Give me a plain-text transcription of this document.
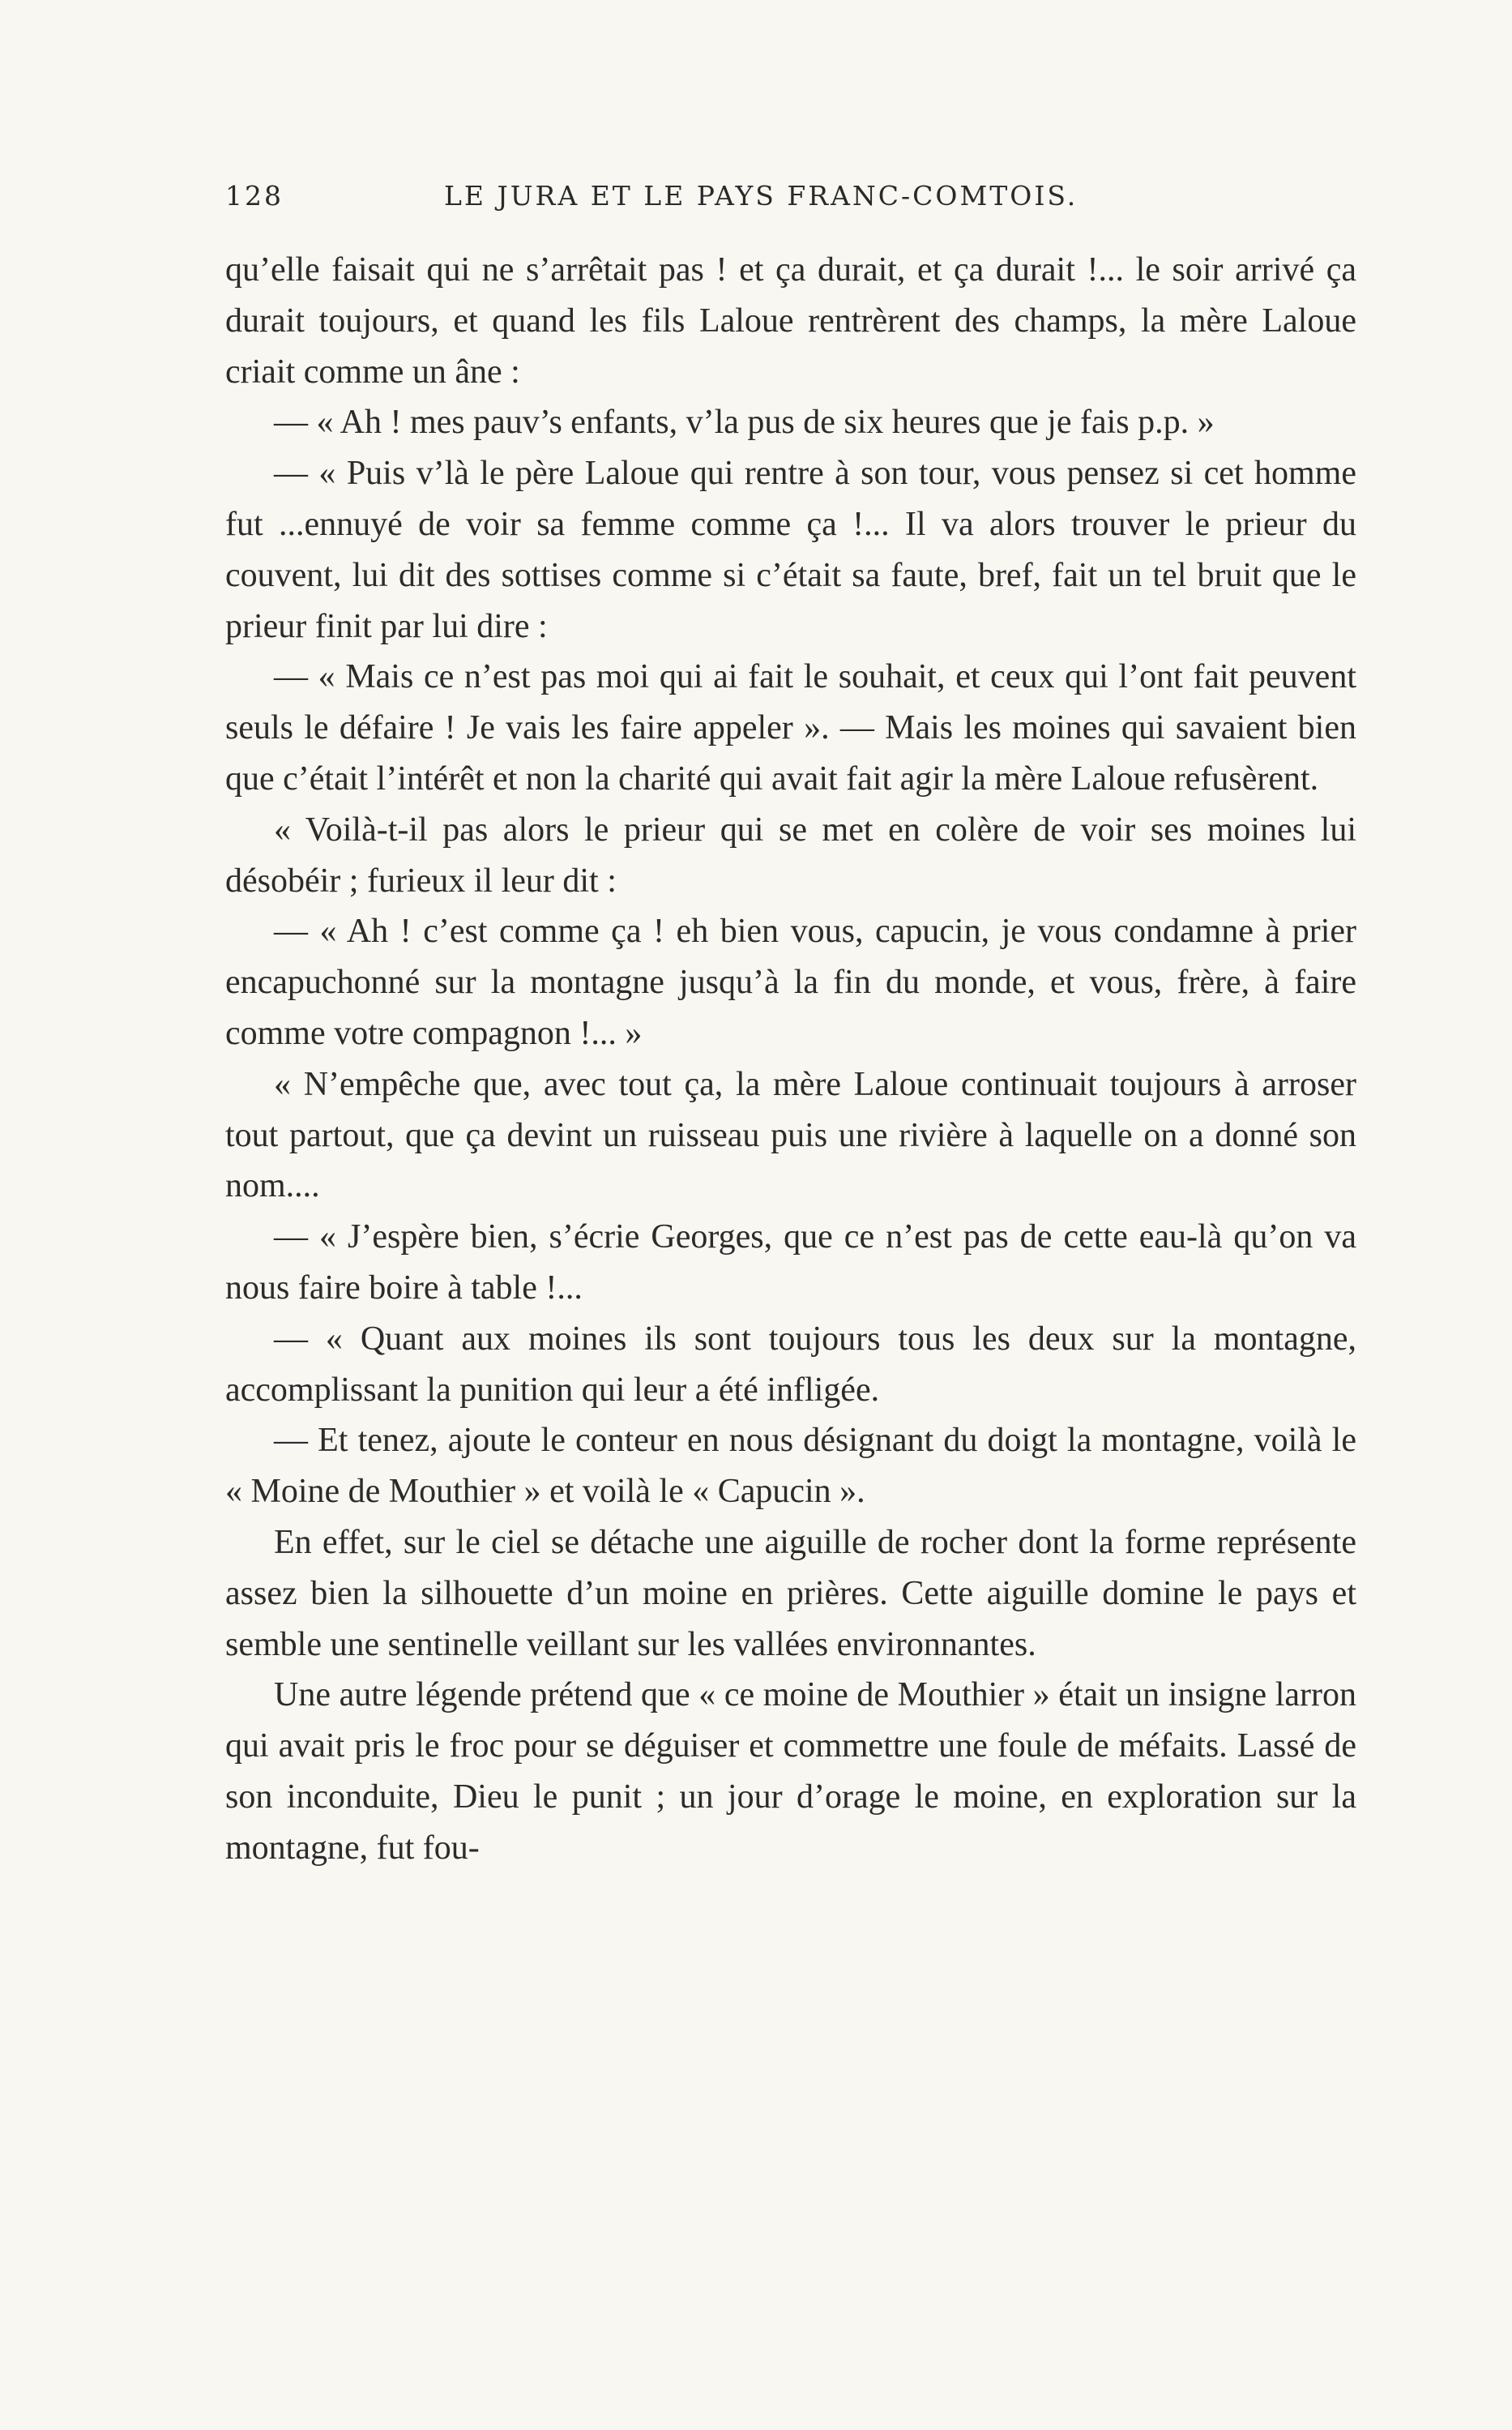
128	LE JURA ET LE PAYS FRANC-COMTOIS.

qu’elle faisait qui ne s’arrêtait pas ! et ça durait, et ça durait !... le soir arrivé ça durait toujours, et quand les fils Laloue rentrèrent des champs, la mère Laloue criait comme un âne :

— « Ah ! mes pauv’s enfants, v’la pus de six heures que je fais p.p. »

— « Puis v’là le père Laloue qui rentre à son tour, vous pensez si cet homme fut ...ennuyé de voir sa femme comme ça !... Il va alors trouver le prieur du couvent, lui dit des sottises comme si c’était sa faute, bref, fait un tel bruit que le prieur finit par lui dire :

— « Mais ce n’est pas moi qui ai fait le souhait, et ceux qui l’ont fait peuvent seuls le défaire ! Je vais les faire appeler ». — Mais les moines qui savaient bien que c’était l’intérêt et non la charité qui avait fait agir la mère Laloue refusèrent.

« Voilà-t-il pas alors le prieur qui se met en colère de voir ses moines lui désobéir ; furieux il leur dit :

— « Ah ! c’est comme ça ! eh bien vous, capucin, je vous condamne à prier encapuchonné sur la montagne jusqu’à la fin du monde, et vous, frère, à faire comme votre compagnon !... »

« N’empêche que, avec tout ça, la mère Laloue continuait toujours à arroser tout partout, que ça devint un ruisseau puis une rivière à laquelle on a donné son nom....

— « J’espère bien, s’écrie Georges, que ce n’est pas de cette eau-là qu’on va nous faire boire à table !...

— « Quant aux moines ils sont toujours tous les deux sur la montagne, accomplissant la punition qui leur a été infligée.

— Et tenez, ajoute le conteur en nous désignant du doigt la montagne, voilà le « Moine de Mouthier » et voilà le « Capucin ».

En effet, sur le ciel se détache une aiguille de rocher dont la forme représente assez bien la silhouette d’un moine en prières. Cette aiguille domine le pays et semble une sentinelle veillant sur les vallées environnantes.

Une autre légende prétend que « ce moine de Mouthier » était un insigne larron qui avait pris le froc pour se déguiser et commettre une foule de méfaits. Lassé de son inconduite, Dieu le punit ; un jour d’orage le moine, en exploration sur la montagne, fut fou-
